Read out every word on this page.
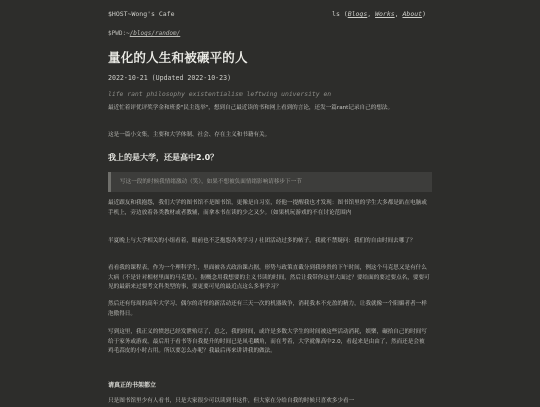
$HOST~Wong's Cafe	ls (Blogs, Works, About)
$PWD:~/blogs/random/
量化的人生和被碾平的人
2022-10-21 (Updated 2022-10-23)
life rant philosophy existentialism leftwing university en

最近忙着评优评奖学金和班委"民主选举"，想到自己最近读的书和网上看到的言论，还发一篇rant记录自己的想法。

这是一篇小文集，主要和大学体制、社会、存在主义和书籍有关。

我上的是大学，还是高中2.0？
写这一段的时候我情绪激动（笑），如果不想被负面情绪影响请移步下一节

最近跟友和我抱怨，我们大学的图书馆不是图书馆，更像是自习室，经他一提醒我也才发现：图书馆里的学生大多都是趴在电脑或手机上，旁边放着各类教材或者教辅，而拿本书在读的少之又少。（如果机玩游戏的不在讨论范围内

半夏晚上与大学相关的小组看着，眼前也不乏抱怨各类学习 / 社团活动过多的帖子。我就不禁疑问：我们的自由时间去哪了？

看看我的课程表，作为一个理科学生，里面被各式政治课占据，形势与政策直截分到我珍贵的下午时间，例这个马克思又是有什么大病（不是针对相材里面的马克思）。据概念用我想要的主义书读的时间，然后让我带你这里大面过？要给面的要过要点名，要要可见的最新来过要考文科类型的事，要更要可见的最近点这么多事学习？

然后还有每周的高年大学习、偶尔的奇怪的新活动还有三天一次的机器战争，消耗我本不充盈的精力，让我就像一个阳媚者者一样泡傲得日。

写到这里，我正义的愤怒已经发泄殆尽了，总之，我的时间，或许是多数大学生的时间被这些活动消耗，娱樂，碾拾自己的时间写给于家务或游戏，最后用于看书等自我提升的时间已是凤毛麟角，而在考着，大学就像高中2.0，看起来是由由了，然而还是会被鸡毛蒜皮的小时占用。所以要怎么办呢？我最后再来讲讲我的做法。

请真正的书架都立

只是图书馆里少有人看书，只是大家很少可以读到书这件，但大家在分给自我的时候只喜欢多少看一
